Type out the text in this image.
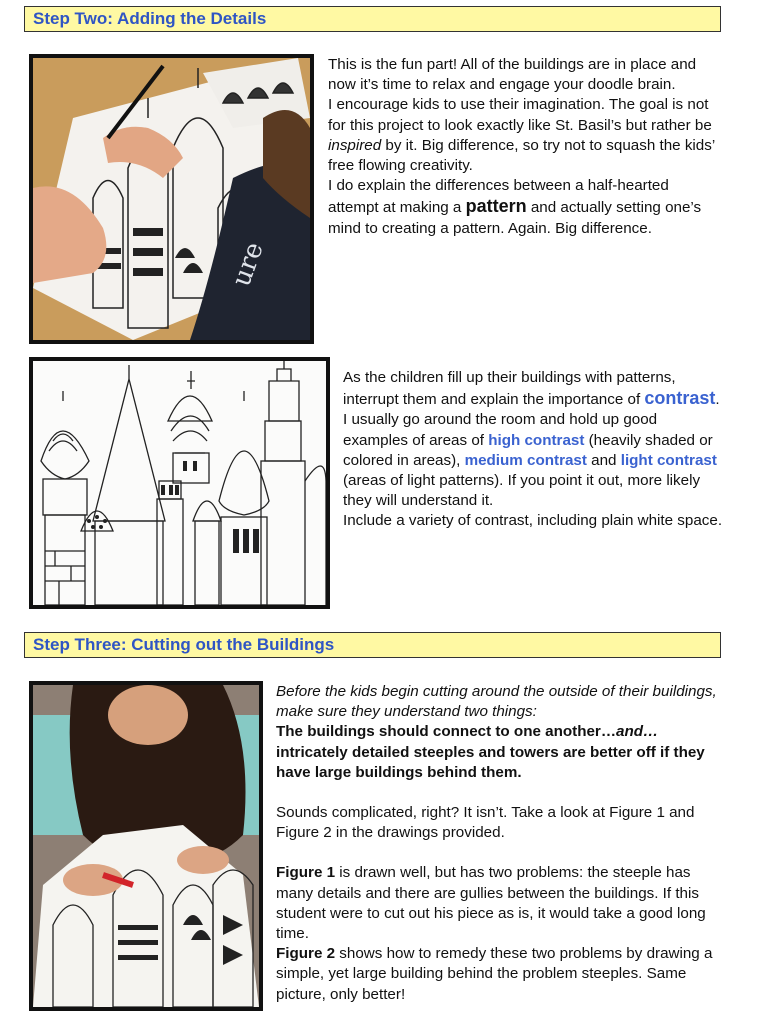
Step Two: Adding the Details
ure

This is the fun part! All of the buildings are in place and now it’s time to relax and engage your doodle brain.

I encourage kids to use their imagination. The goal is not for this project to look exactly like St. Basil’s but rather be inspired by it. Big difference, so try not to squash the kids’ free flowing creativity.

I do explain the differences between a half-hearted attempt at making a pattern and actually setting one’s mind to creating a pattern. Again. Big difference.

As the children fill up their buildings with patterns, interrupt them and explain the importance of contrast. I usually go around the room and hold up good examples of areas of high contrast (heavily shaded or colored in areas), medium contrast and light contrast (areas of light patterns). If you point it out, more likely they will understand it.

Include a variety of contrast, including plain white space.

Step Three: Cutting out the Buildings

Before the kids begin cutting around the outside of their buildings, make sure they understand two things:

The buildings should connect to one another…and… intricately detailed steeples and towers are better off if they have large buildings behind them.

Sounds complicated, right? It isn’t. Take a look at Figure 1 and Figure 2 in the drawings provided.

Figure 1 is drawn well, but has two problems: the steeple has many details and there are gullies between the buildings. If this student were to cut out his piece as is, it would take a good long time.

Figure 2 shows how to remedy these two problems by drawing a simple, yet large building behind the problem steeples. Same picture, only better!
